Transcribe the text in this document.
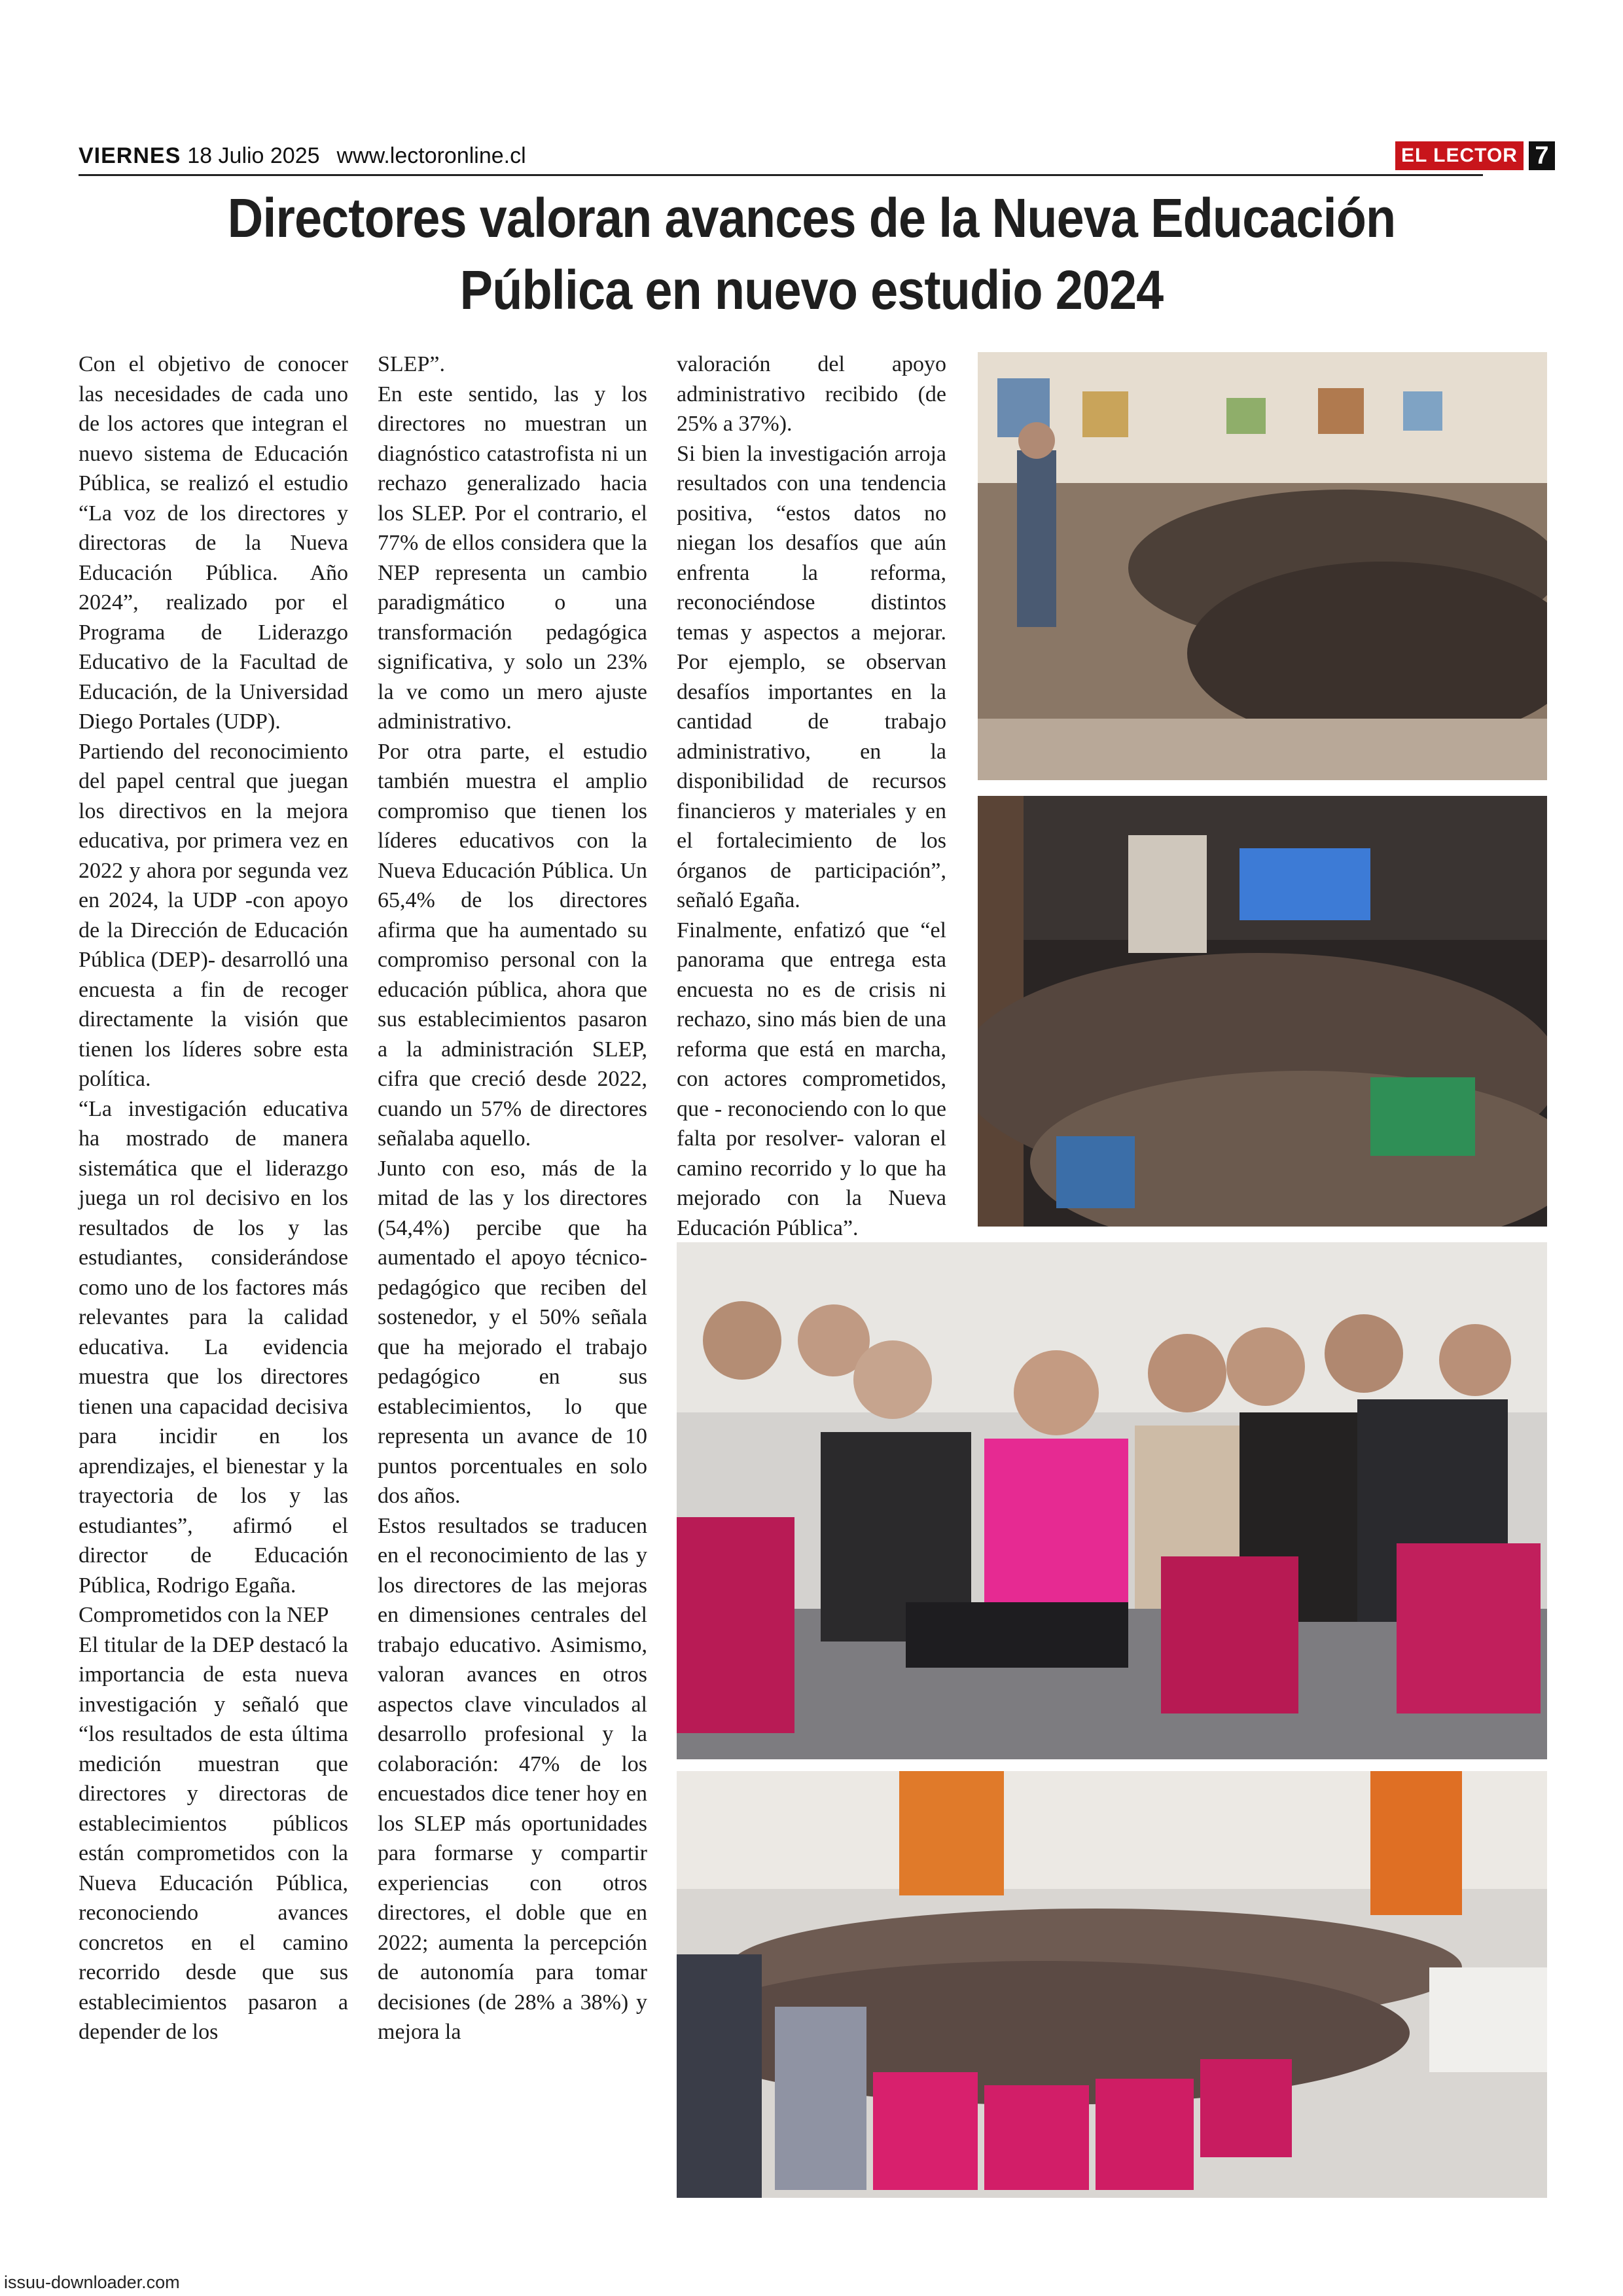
VIERNES 18 Julio 2025 www.lectoronline.cl	EL LECTOR 7
Directores valoran avances de la Nueva Educación
Pública en nuevo estudio 2024

Con el objetivo de conocer las necesidades de cada uno de los actores que integran el nuevo sistema de Educación Pública, se realizó el estudio “La voz de los directores y directoras de la Nueva Educación Pública. Año 2024”, realizado por el Programa de Liderazgo Educativo de la Facultad de Educación, de la Universidad Diego Portales (UDP).

Partiendo del reconocimiento del papel central que juegan los directivos en la mejora educativa, por primera vez en 2022 y ahora por segunda vez en 2024, la UDP -con apoyo de la Dirección de Educación Pública (DEP)- desarrolló una encuesta a fin de recoger directamente la visión que tienen los líderes sobre esta política.

“La investigación educativa ha mostrado de manera sistemática que el liderazgo juega un rol decisivo en los resultados de los y las estudiantes, considerándose como uno de los factores más relevantes para la calidad educativa. La evidencia muestra que los directores tienen una capacidad decisiva para incidir en los aprendizajes, el bienestar y la trayectoria de los y las estudiantes”, afirmó el director de Educación Pública, Rodrigo Egaña.

Comprometidos con la NEP

El titular de la DEP destacó la importancia de esta nueva investigación y señaló que “los resultados de esta última medición muestran que directores y directoras de establecimientos públicos están comprometidos con la Nueva Educación Pública, reconociendo avances concretos en el camino recorrido desde que sus establecimientos pasaron a depender de los

SLEP”.

En este sentido, las y los directores no muestran un diagnóstico catastrofista ni un rechazo generalizado hacia los SLEP. Por el contrario, el 77% de ellos considera que la NEP representa un cambio paradigmático o una transformación pedagógica significativa, y solo un 23% la ve como un mero ajuste administrativo.

Por otra parte, el estudio también muestra el amplio compromiso que tienen los líderes educativos con la Nueva Educación Pública. Un 65,4% de los directores afirma que ha aumentado su compromiso personal con la educación pública, ahora que sus establecimientos pasaron a la administración SLEP, cifra que creció desde 2022, cuando un 57% de directores señalaba aquello.

Junto con eso, más de la mitad de las y los directores (54,4%) percibe que ha aumentado el apoyo técnico-pedagógico que reciben del sostenedor, y el 50% señala que ha mejorado el trabajo pedagógico en sus establecimientos, lo que representa un avance de 10 puntos porcentuales en solo dos años.

Estos resultados se traducen en el reconocimiento de las y los directores de las mejoras en dimensiones centrales del trabajo educativo. Asimismo, valoran avances en otros aspectos clave vinculados al desarrollo profesional y la colaboración: 47% de los encuestados dice tener hoy en los SLEP más oportunidades para formarse y compartir experiencias con otros directores, el doble que en 2022; aumenta la percepción de autonomía para tomar decisiones (de 28% a 38%) y mejora la

valoración del apoyo administrativo recibido (de 25% a 37%).

Si bien la investigación arroja resultados con una tendencia positiva, “estos datos no niegan los desafíos que aún enfrenta la reforma, reconociéndose distintos temas y aspectos a mejorar. Por ejemplo, se observan desafíos importantes en la cantidad de trabajo administrativo, en la disponibilidad de recursos financieros y materiales y en el fortalecimiento de los órganos de participación”, señaló Egaña.

Finalmente, enfatizó que “el panorama que entrega esta encuesta no es de crisis ni rechazo, sino más bien de una reforma que está en marcha, con actores comprometidos, que - reconociendo con lo que falta por resolver- valoran el camino recorrido y lo que ha mejorado con la Nueva Educación Pública”.

issuu-downloader.com
